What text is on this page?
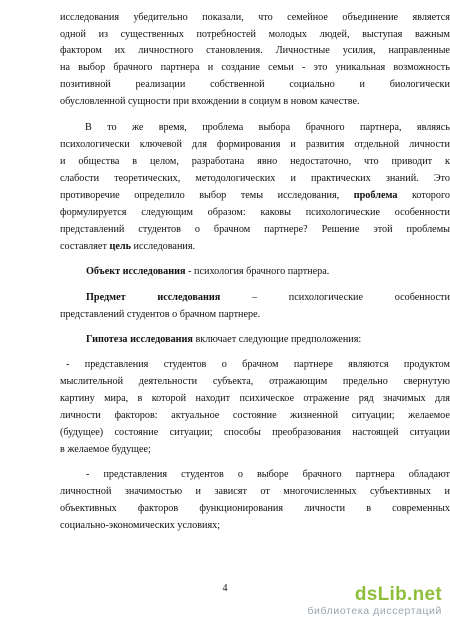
исследования убедительно показали, что семейное объединение является
одной из существенных потребностей молодых людей, выступая важным
фактором их личностного становления. Личностные усилия, направленные
на выбор брачного партнера и создание семьи - это уникальная возможность
позитивной реализации собственной социально и биологически
обусловленной сущности при вхождении в социум в новом качестве.
В то же время, проблема выбора брачного партнера, являясь
психологически ключевой для формирования и развития отдельной личности
и общества в целом, разработана явно недостаточно, что приводит к
слабости теоретических, методологических и практических знаний. Это
противоречие определило выбор темы исследования, проблема которого
формулируется следующим образом: каковы психологические особенности
представлений студентов о брачном партнере? Решение этой проблемы
составляет цель исследования.
Объект исследования - психология брачного партнера.
Предмет	исследования	–	психологические	особенности
представлений студентов о брачном партнере.
Гипотеза исследования включает следующие предположения:
- представления студентов о брачном партнере являются продуктом
мыслительной деятельности субъекта, отражающим предельно свернутую
картину мира, в которой находит психическое отражение ряд значимых для
личности факторов: актуальное состояние жизненной ситуации; желаемое
(будущее) состояние ситуации; способы преобразования настоящей ситуации
в желаемое будущее;
- представления студентов о выборе брачного партнера обладают
личностной значимостью и зависят от многочисленных субъективных и
объективных факторов функционирования личности в современных
социально-экономических условиях;
4	dsLib.net
библиотека диссертаций
